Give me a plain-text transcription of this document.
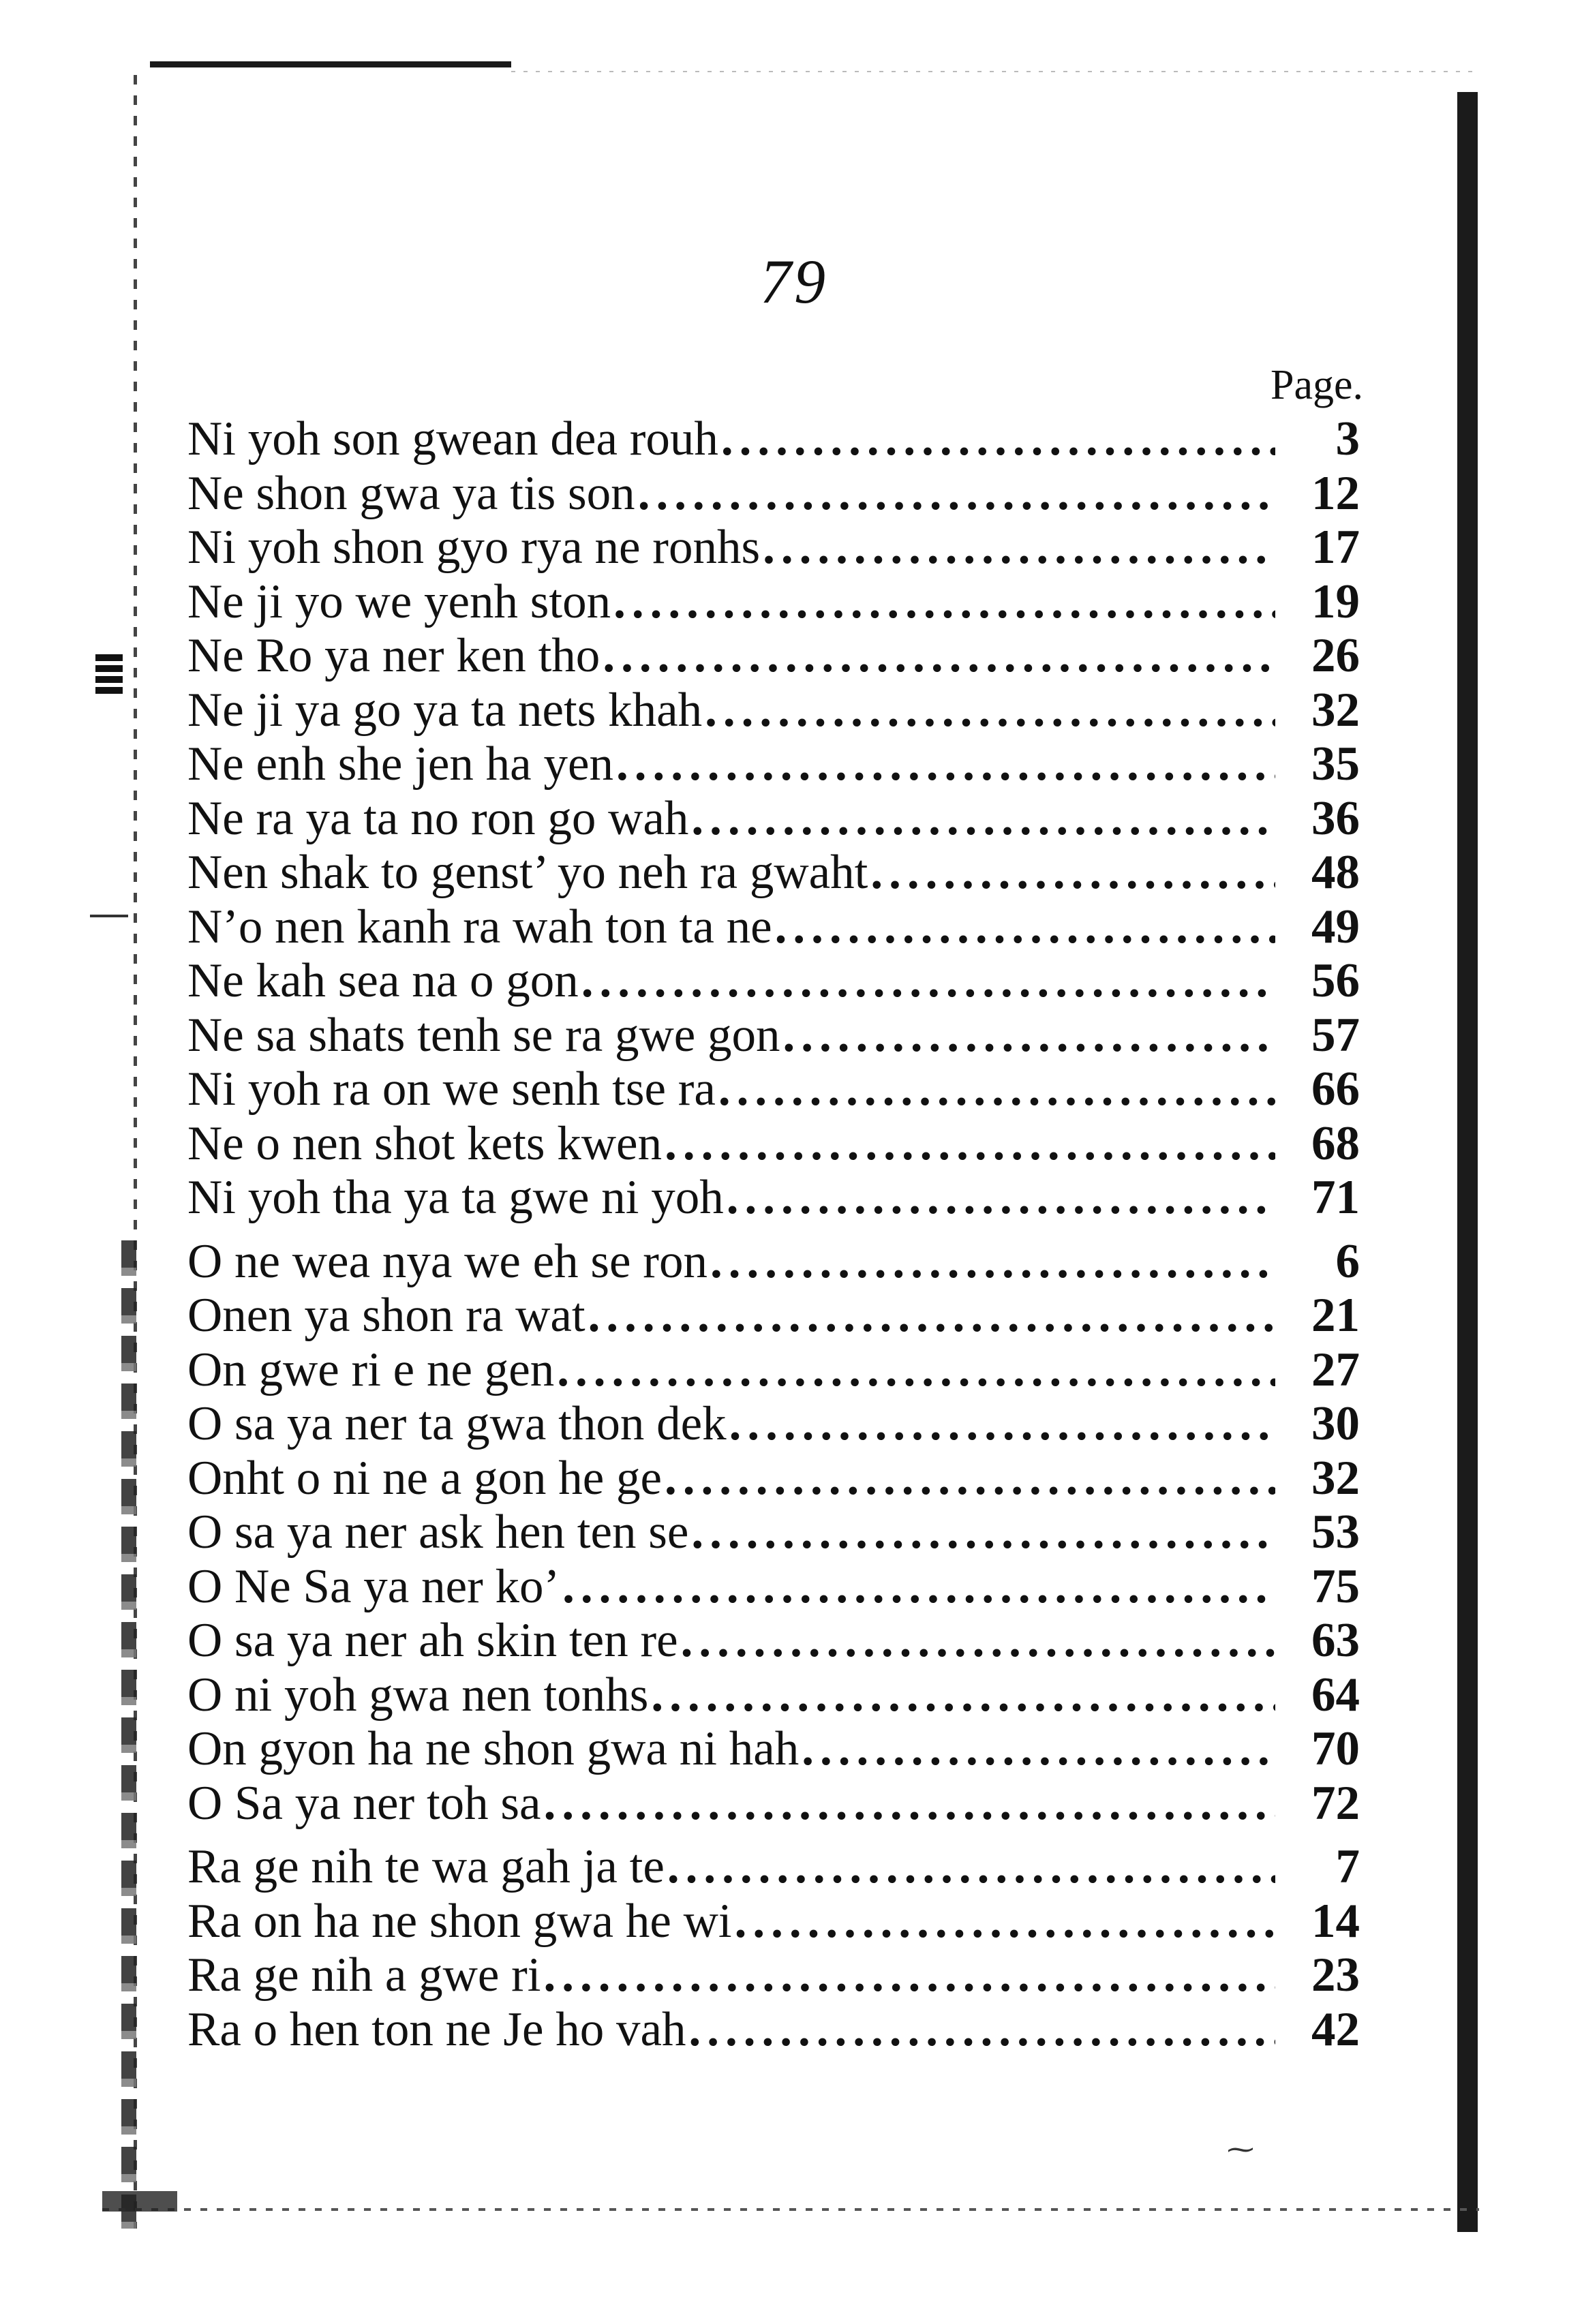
⁓
79
Page.
Ni yoh son gwean dea rouh .....	3
Ne shon gwa ya tis son .....	12
Ni yoh shon gyo rya ne ronhs .....	17
Ne ji yo we yenh ston .....	19
Ne Ro ya ner ken tho .....	26
Ne ji ya go ya ta nets khah .....	32
Ne enh she jen ha yen .....	35
Ne ra ya ta no ron go wah .....	36
Nen shak to genst’ yo neh ra gwaht .....	48
N’o nen kanh ra wah ton ta ne .....	49
Ne kah sea na o gon .....	56
Ne sa shats tenh se ra gwe gon .....	57
Ni yoh ra on we senh tse ra .....	66
Ne o nen shot kets kwen .....	68
Ni yoh tha ya ta gwe ni yoh .....	71
O ne wea nya we eh se ron .....	6
Onen ya shon ra wat .....	21
On gwe ri e ne gen .....	27
O sa ya ner ta gwa thon dek .....	30
Onht o ni ne a gon he ge .....	32
O sa ya ner ask hen ten se .....	53
O Ne Sa ya ner ko’ .....	75
O sa ya ner ah skin ten re .....	63
O ni yoh gwa nen tonhs .....	64
On gyon ha ne shon gwa ni hah .....	70
O Sa ya ner toh sa .....	72
Ra ge nih te wa gah ja te .....	7
Ra on ha ne shon gwa he wi .....	14
Ra ge nih a gwe ri .....	23
Ra o hen ton ne Je ho vah .....	42
